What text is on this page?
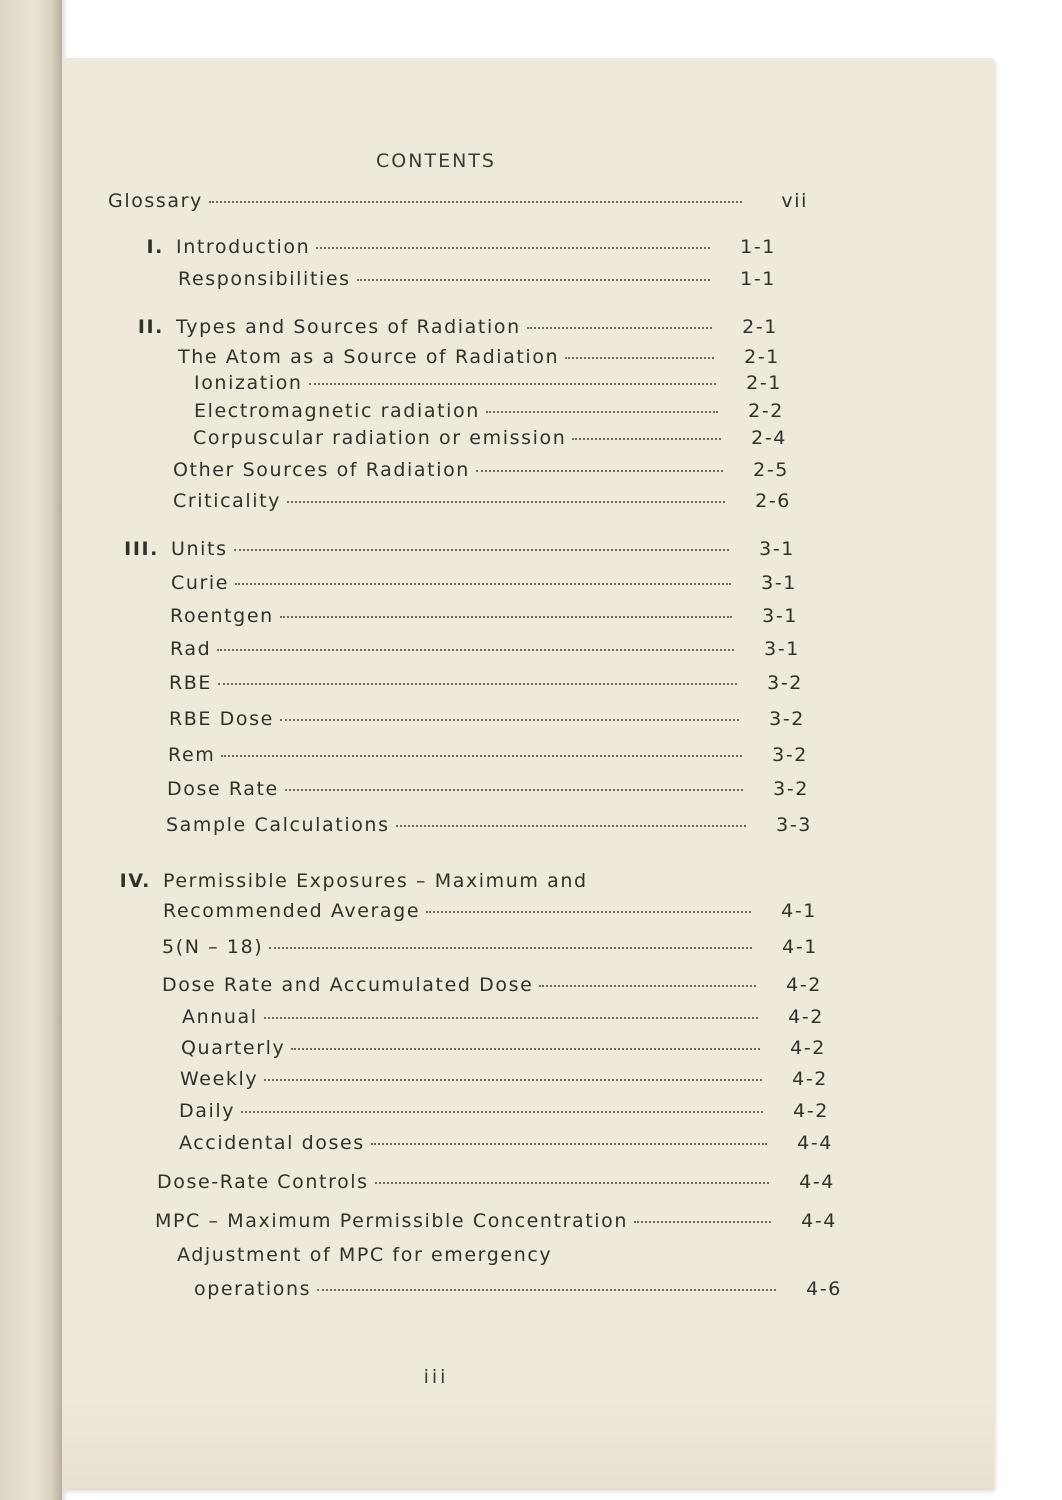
CONTENTS
Glossary	vii
I. Introduction	1-1
Responsibilities	1-1
II. Types and Sources of Radiation	2-1
The Atom as a Source of Radiation	2-1
Ionization	2-1
Electromagnetic radiation	2-2
Corpuscular radiation or emission	2-4
Other Sources of Radiation	2-5
Criticality	2-6
III. Units	3-1
Curie	3-1
Roentgen	3-1
Rad	3-1
RBE	3-2
RBE Dose	3-2
Rem	3-2
Dose Rate	3-2
Sample Calculations	3-3
IV. Permissible Exposures – Maximum and
Recommended Average	4-1
5(N – 18)	4-1
Dose Rate and Accumulated Dose	4-2
Annual	4-2
Quarterly	4-2
Weekly	4-2
Daily	4-2
Accidental doses	4-4
Dose-Rate Controls	4-4
MPC – Maximum Permissible Concentration	4-4
Adjustment of MPC for emergency
operations	4-6
iii
